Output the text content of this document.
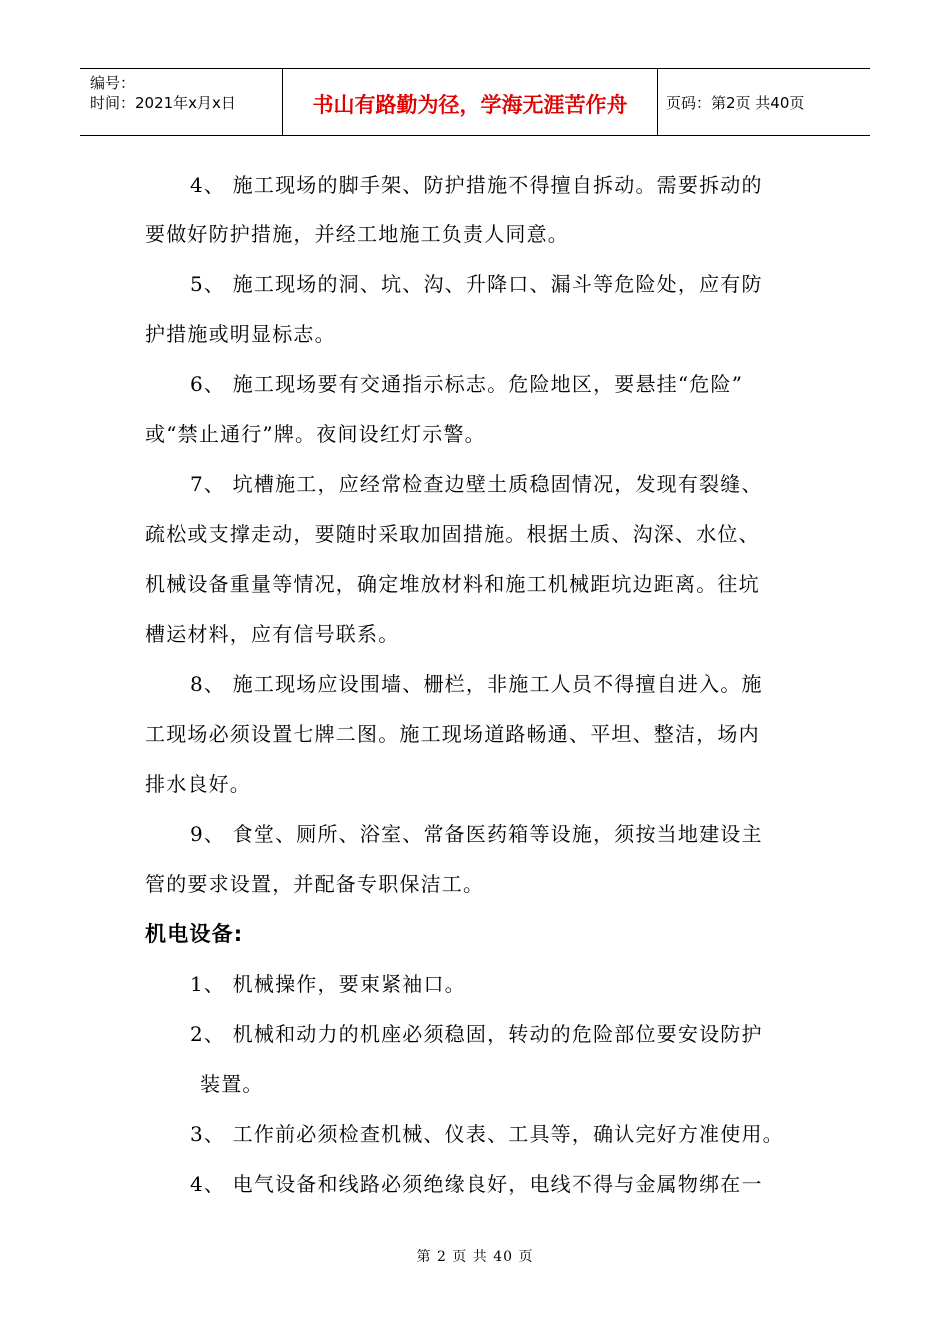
编号：
时间：2021年x月x日	书山有路勤为径，学海无涯苦作舟	页码：第2页 共40页
4、 施工现场的脚手架、防护措施不得擅自拆动。需要拆动的
要做好防护措施，并经工地施工负责人同意。
5、 施工现场的洞、坑、沟、升降口、漏斗等危险处，应有防
护措施或明显标志。
6、 施工现场要有交通指示标志。危险地区，要悬挂“危险”
或“禁止通行”牌。夜间设红灯示警。
7、 坑槽施工，应经常检查边壁土质稳固情况，发现有裂缝、
疏松或支撑走动，要随时采取加固措施。根据土质、沟深、水位、
机械设备重量等情况，确定堆放材料和施工机械距坑边距离。往坑
槽运材料，应有信号联系。
8、 施工现场应设围墙、栅栏，非施工人员不得擅自进入。施
工现场必须设置七牌二图。施工现场道路畅通、平坦、整洁，场内
排水良好。
9、 食堂、厕所、浴室、常备医药箱等设施，须按当地建设主
管的要求设置，并配备专职保洁工。
机电设备:
1、 机械操作，要束紧袖口。
2、 机械和动力的机座必须稳固，转动的危险部位要安设防护
装置。
3、 工作前必须检查机械、仪表、工具等，确认完好方准使用。
4、 电气设备和线路必须绝缘良好，电线不得与金属物绑在一
第 2 页 共 40 页
